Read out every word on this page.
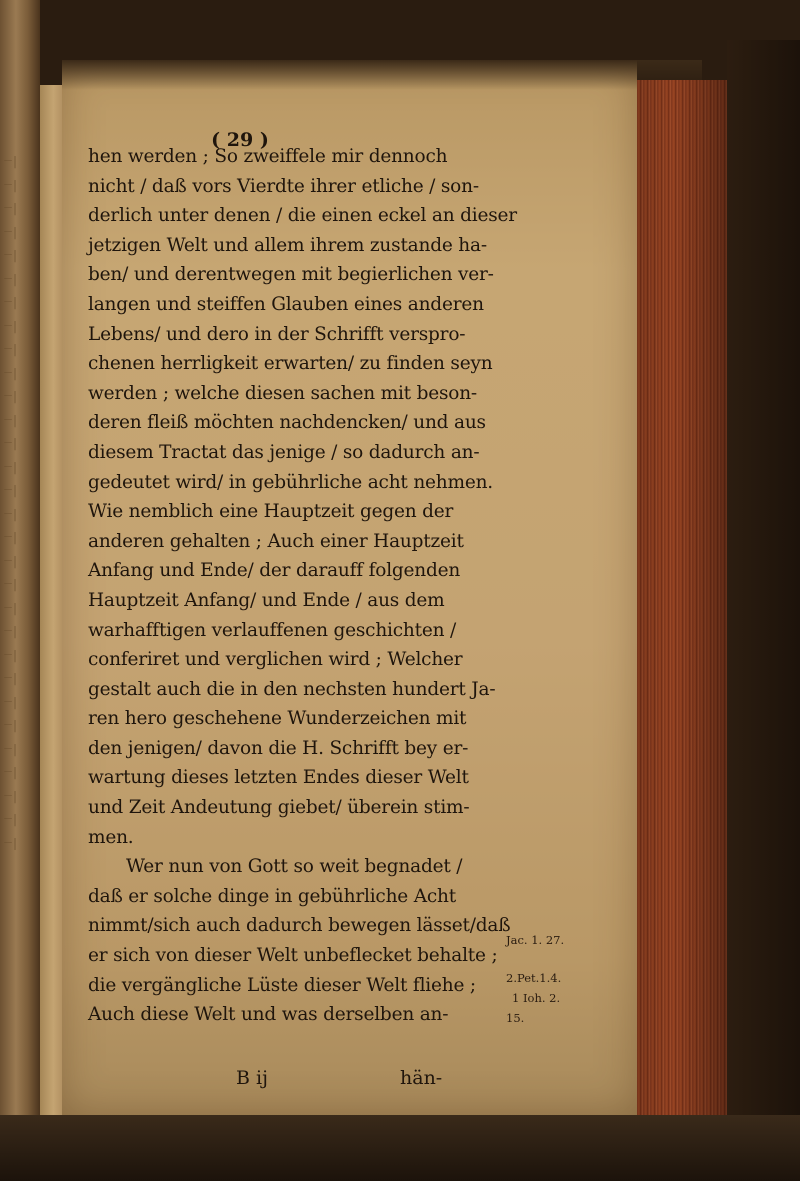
ㄧ|
ㄧ|
ㄧ|
ㄧ|
ㄧ|
ㄧ|
ㄧ|
ㄧ|
ㄧ|
ㄧ|
ㄧ|
ㄧ|
ㄧ|
ㄧ|
ㄧ|
ㄧ|
ㄧ|
ㄧ|
ㄧ|
ㄧ|
ㄧ|
ㄧ|
ㄧ|
ㄧ|
ㄧ|
ㄧ|
ㄧ|
ㄧ|
ㄧ|
ㄧ|
( 29 )
hen werden ; So zweiffele mir dennoch
nicht / daß vors Vierdte ihrer etliche / son-
derlich unter denen / die einen eckel an dieser
jetzigen Welt und allem ihrem zustande ha-
ben/ und derentwegen mit begierlichen ver-
langen und steiffen Glauben eines anderen
Lebens/ und dero in der Schrifft verspro-
chenen herrligkeit erwarten/ zu finden seyn
werden ; welche diesen sachen mit beson-
deren fleiß möchten nachdencken/ und aus
diesem Tractat das jenige / so dadurch an-
gedeutet wird/ in gebührliche acht nehmen.
Wie nemblich eine Hauptzeit gegen der
anderen gehalten ; Auch einer Hauptzeit
Anfang und Ende/ der darauff folgenden
Hauptzeit Anfang/ und Ende / aus dem
warhafftigen verlauffenen geschichten /
conferiret und verglichen wird ; Welcher
gestalt auch die in den nechsten hundert Ja-
ren hero geschehene Wunderzeichen mit
den jenigen/ davon die H. Schrifft bey er-
wartung dieses letzten Endes dieser Welt
und Zeit Andeutung giebet/ überein stim-
men.
Wer nun von Gott so weit begnadet /
daß er solche dinge in gebührliche Acht
nimmt/sich auch dadurch bewegen lässet/daß
er sich von dieser Welt unbeflecket behalte ;
die vergängliche Lüste dieser Welt fliehe ;
Auch diese Welt und was derselben an-
B ij	hän-
Jac. 1. 27.
2.Pet.1.4.
1 Ioh. 2.
15.
